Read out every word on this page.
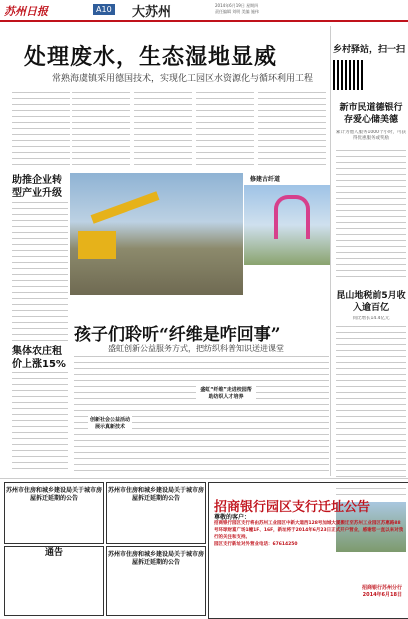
苏州日报	A10 大苏州	2014年6月19日 星期四
责任编辑 刘明 美编 施伟
处理废水，生态湿地显威
常熟海虞镇采用德国技术，实现化工园区水资源化与循环利用工程
助推企业转型产业升级
集体农庄租价上涨15%
修建古纤道
孩子们聆听“纤维是咋回事”
盛虹创新公益服务方式，把纺织科普知识送进课堂
创新社会公益活动展示真新技术
盛虹“纤维”走进校园帮助纺织人才培养
乡村驿站，扫一扫
新市民道德银行存爱心储美德
累计为他人服务1000个小时，可获得优惠服务或奖励
昆山地税前5月收入逾百亿
同比增长14.4亿元
苏州市住房和城乡建设局关于城市房屋拆迁延期的公告
苏州市住房和城乡建设局关于城市房屋拆迁延期的公告
通告	苏州市住房和城乡建设局关于城市房屋拆迁延期的公告
招商银行园区支行迁址公告
尊敬的客户：
招商银行园区支行将由苏州工业园区中新大道西128号加城大厦搬迁至苏州工业园区苏惠路88号环球财富广场1幢1F、16F，新址将于2014年6月23日正式开户营业，感谢您一直以来对我行的关注和支持。
园区支行新址对外营业电话：67614250
招商银行苏州分行
2014年6月18日
